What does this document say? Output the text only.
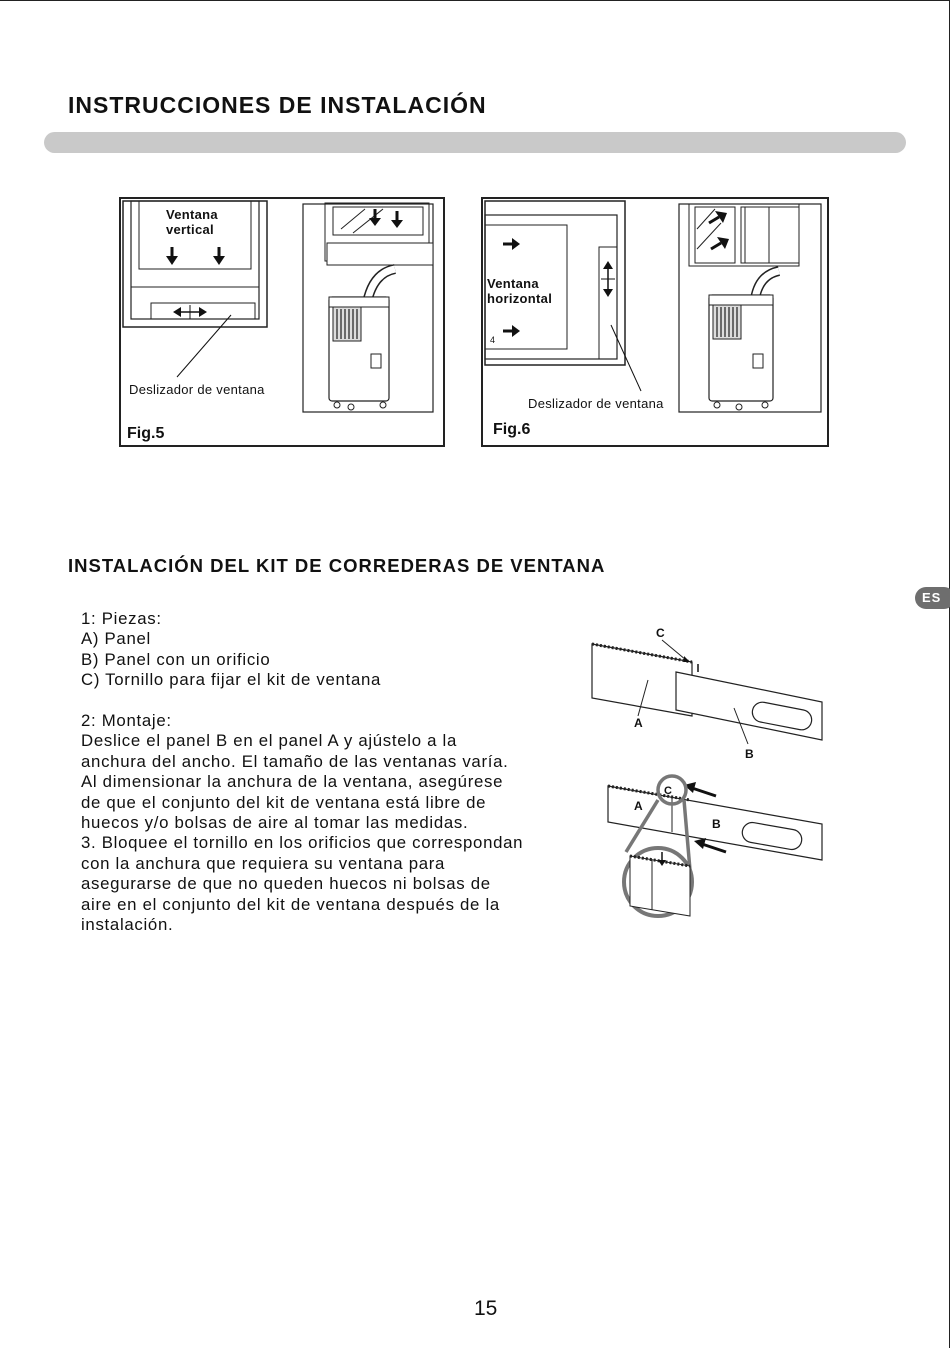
INSTRUCCIONES DE INSTALACIÓN
Ventana
vertical
Deslizador de ventana
Fig.5
Ventana
horizontal
4
Deslizador de ventana
Fig.6
INSTALACIÓN DEL KIT DE CORREDERAS DE VENTANA
ES
1: Piezas:
A) Panel
B) Panel con un orificio
C) Tornillo para fijar el kit de ventana
2: Montaje:
Deslice el panel B en el panel A y ajústelo a la
anchura del ancho. El tamaño de las ventanas varía.
Al dimensionar la anchura de la ventana, asegúrese
de que el conjunto del kit de ventana está libre de
huecos y/o bolsas de aire al tomar las medidas.
3. Bloquee el tornillo en los orificios que correspondan
con la anchura que requiera su ventana para
asegurarse de que no queden huecos ni bolsas de
aire en el conjunto del kit de ventana después de la
instalación.
A
B
C
A
B
C
15
